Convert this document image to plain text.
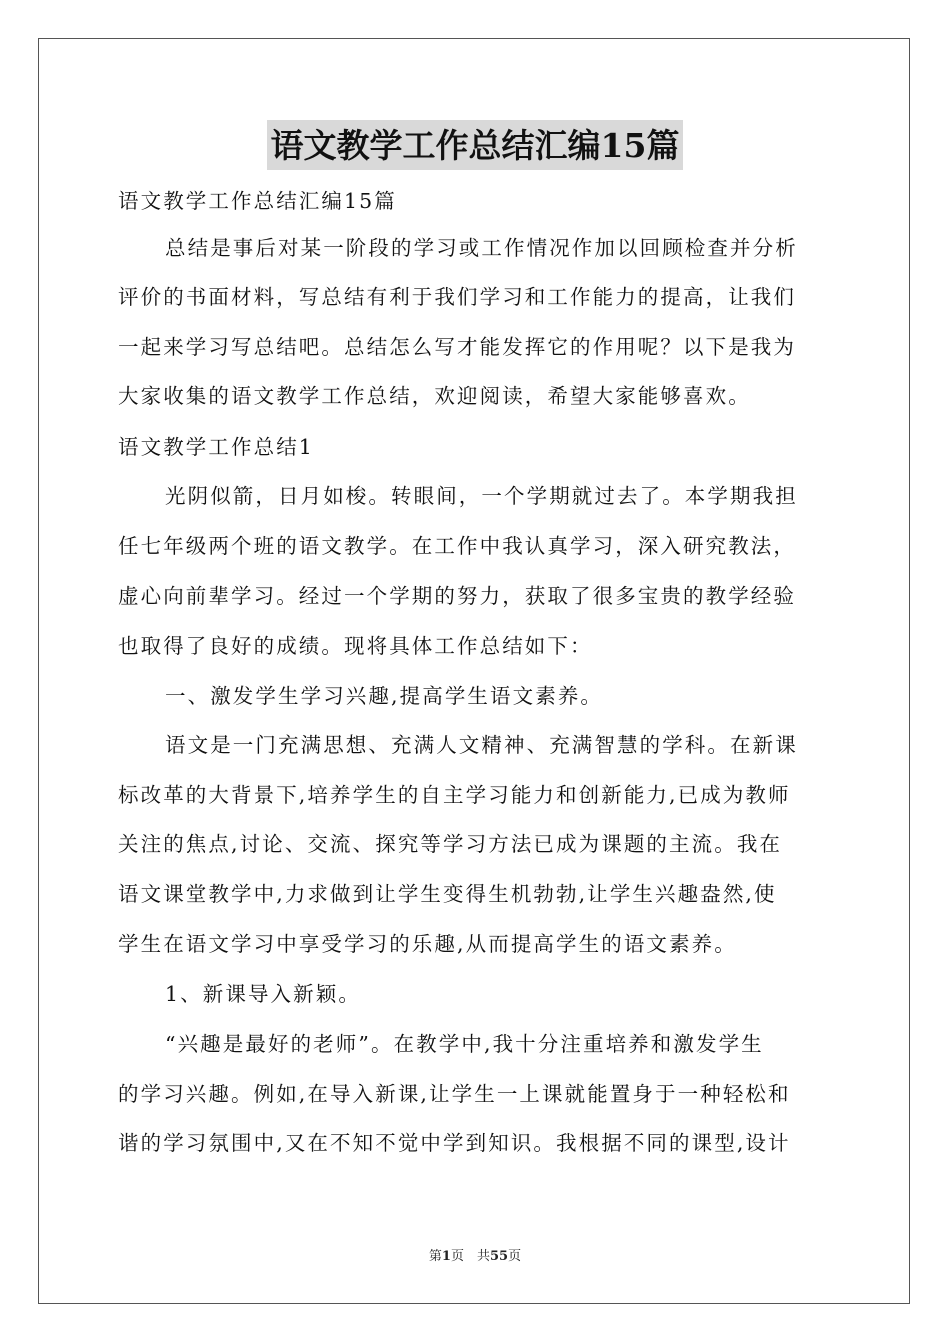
语文教学工作总结汇编15篇
语文教学工作总结汇编15篇
总结是事后对某一阶段的学习或工作情况作加以回顾检查并分析
评价的书面材料，写总结有利于我们学习和工作能力的提高，让我们
一起来学习写总结吧。总结怎么写才能发挥它的作用呢？以下是我为
大家收集的语文教学工作总结，欢迎阅读，希望大家能够喜欢。
语文教学工作总结1
光阴似箭，日月如梭。转眼间，一个学期就过去了。本学期我担
任七年级两个班的语文教学。在工作中我认真学习，深入研究教法，
虚心向前辈学习。经过一个学期的努力，获取了很多宝贵的教学经验
也取得了良好的成绩。现将具体工作总结如下：
一、激发学生学习兴趣,提高学生语文素养。
语文是一门充满思想、充满人文精神、充满智慧的学科。在新课
标改革的大背景下,培养学生的自主学习能力和创新能力,已成为教师
关注的焦点,讨论、交流、探究等学习方法已成为课题的主流。我在
语文课堂教学中,力求做到让学生变得生机勃勃,让学生兴趣盎然,使
学生在语文学习中享受学习的乐趣,从而提高学生的语文素养。
1、新课导入新颖。
“兴趣是最好的老师”。在教学中,我十分注重培养和激发学生
的学习兴趣。例如,在导入新课,让学生一上课就能置身于一种轻松和
谐的学习氛围中,又在不知不觉中学到知识。我根据不同的课型,设计
第1页　共55页
